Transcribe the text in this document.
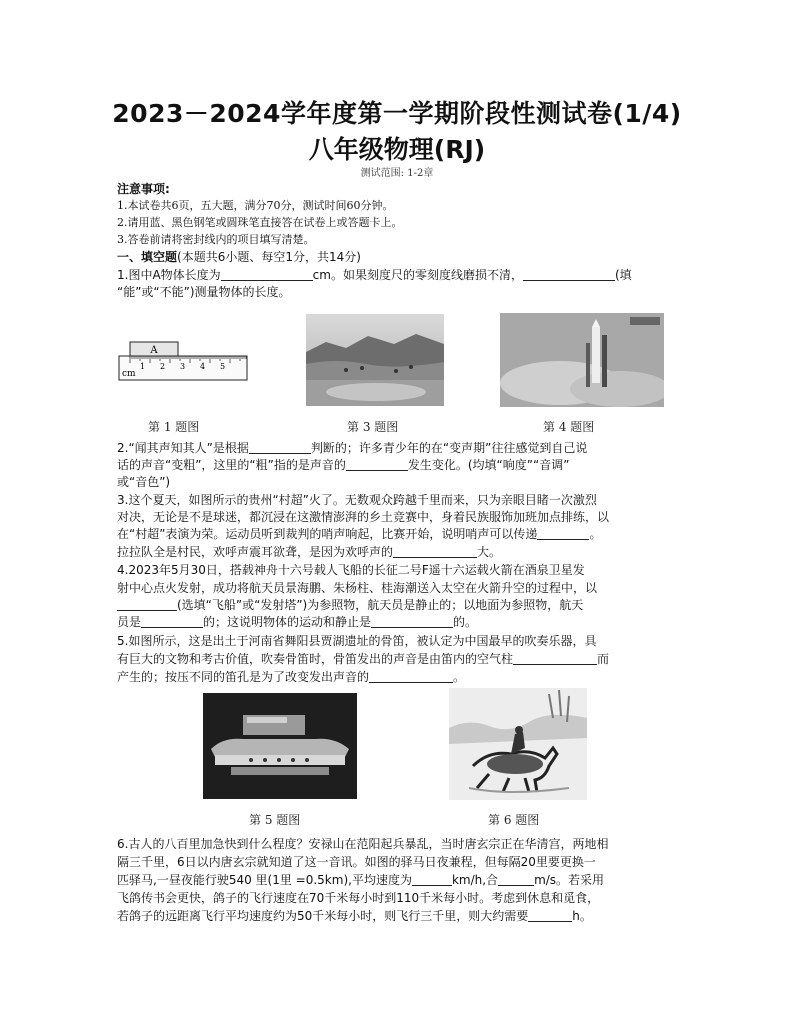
2023－2024学年度第一学期阶段性测试卷(1/4)
八年级物理(RJ)
测试范围: 1-2章
注意事项:
1.本试卷共6页，五大题，满分70分，测试时间60分钟。
2.请用蓝、黑色钢笔或圆珠笔直接答在试卷上或答题卡上。
3.答卷前请将密封线内的项目填写清楚。
一、填空题(本题共6小题、每空1分，共14分)
1.图中A物体长度为	cm。如果刻度尺的零刻度线磨损不清，	(填
“能”或“不能”)测量物体的长度。
A
cm
1 2 3 4 5
第 1 题图	第 3 题图	第 4 题图
2.“闻其声知其人”是根据	判断的；许多青少年的在“变声期”往往感觉到自己说
话的声音“变粗”，这里的“粗”指的是声音的	发生变化。(均填“响度”“音调”
或“音色”)
3.这个夏天，如图所示的贵州“村超”火了。无数观众跨越千里而来，只为亲眼目睹一次激烈
对决，无论是不是球迷，都沉浸在这激情澎湃的乡土竞赛中，身着民族服饰加班加点排练，以
在“村超”表演为荣。运动员听到裁判的哨声响起，比赛开始，说明哨声可以传递	。
拉拉队全是村民，欢呼声震耳欲聋，是因为欢呼声的	大。
4.2023年5月30日，搭载神舟十六号载人飞船的长征二号F遥十六运载火箭在酒泉卫星发
射中心点火发射，成功将航天员景海鹏、朱杨柱、桂海潮送入太空在火箭升空的过程中，以
(选填“飞船”或“发射塔”)为参照物，航天员是静止的；以地面为参照物，航天
员是	的；这说明物体的运动和静止是	的。
5.如图所示，这是出土于河南省舞阳县贾湖遗址的骨笛，被认定为中国最早的吹奏乐器，具
有巨大的文物和考古价值，吹奏骨笛时，骨笛发出的声音是由笛内的空气柱	而
产生的；按压不同的笛孔是为了改变发出声音的	。
第 5 题图	第 6 题图
6.古人的八百里加急快到什么程度？安禄山在范阳起兵暴乱，当时唐玄宗正在华清宫，两地相
隔三千里，6日以内唐玄宗就知道了这一音讯。如图的驿马日夜兼程，但每隔20里要更换一
匹驿马,一昼夜能行驶540 里(1里 =0.5km),平均速度为	km/h,合	m/s。若采用
飞鸽传书会更快，鸽子的飞行速度在70千米每小时到110千米每小时。考虑到休息和觅食，
若鸽子的远距离飞行平均速度约为50千米每小时，则飞行三千里，则大约需要	h。
